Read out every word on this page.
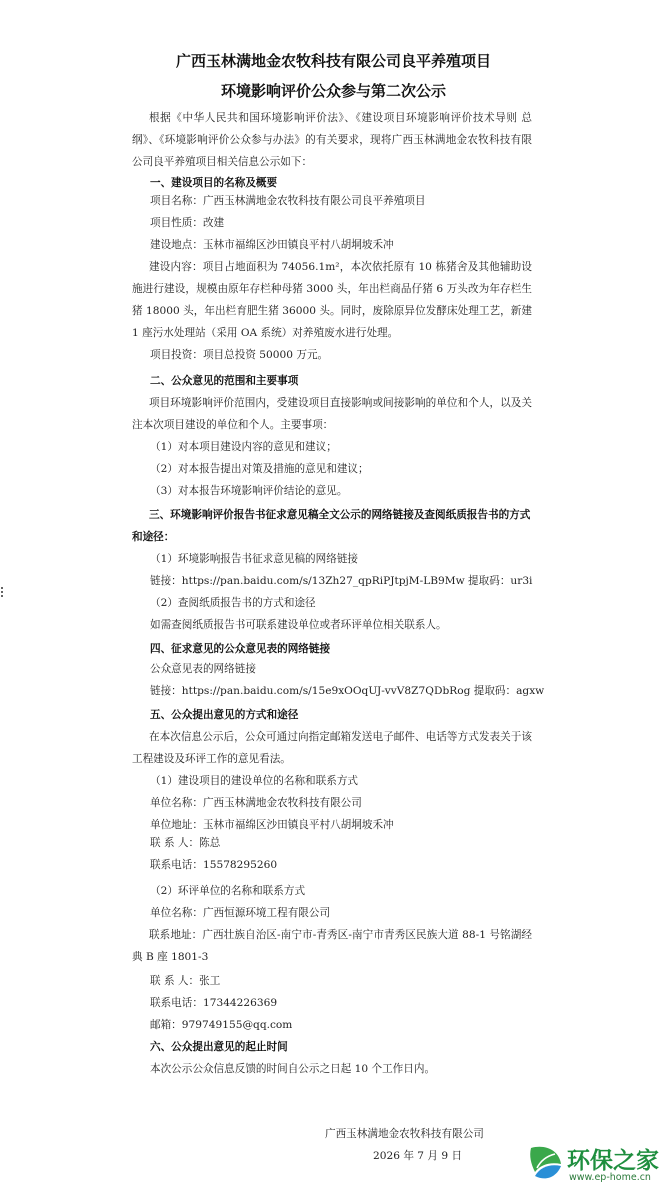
广西玉林满地金农牧科技有限公司良平养殖项目
环境影响评价公众参与第二次公示
根据《中华人民共和国环境影响评价法》、《建设项目环境影响评价技术导则 总纲》、《环境影响评价公众参与办法》的有关要求，现将广西玉林满地金农牧科技有限公司良平养殖项目相关信息公示如下：
一、建设项目的名称及概要
项目名称：广西玉林满地金农牧科技有限公司良平养殖项目
项目性质：改建
建设地点：玉林市福绵区沙田镇良平村八胡垌坡禾冲
建设内容：项目占地面积为 74056.1m²，本次依托原有 10 栋猪舍及其他辅助设施进行建设，规模由原年存栏种母猪 3000 头，年出栏商品仔猪 6 万头改为年存栏生猪 18000 头，年出栏育肥生猪 36000 头。同时，废除原异位发酵床处理工艺，新建 1 座污水处理站（采用 OA 系统）对养殖废水进行处理。
项目投资：项目总投资 50000 万元。
二、公众意见的范围和主要事项
项目环境影响评价范围内，受建设项目直接影响或间接影响的单位和个人，以及关注本次项目建设的单位和个人。主要事项：
（1）对本项目建设内容的意见和建议；
（2）对本报告提出对策及措施的意见和建议；
（3）对本报告环境影响评价结论的意见。
三、环境影响评价报告书征求意见稿全文公示的网络链接及查阅纸质报告书的方式和途径：
（1）环境影响报告书征求意见稿的网络链接
链接：https://pan.baidu.com/s/13Zh27_qpRiPJtpjM-LB9Mw 提取码：ur3i
（2）查阅纸质报告书的方式和途径
如需查阅纸质报告书可联系建设单位或者环评单位相关联系人。
四、征求意见的公众意见表的网络链接
公众意见表的网络链接
链接：https://pan.baidu.com/s/15e9xOOqUJ-vvV8Z7QDbRog 提取码：agxw
五、公众提出意见的方式和途径
在本次信息公示后，公众可通过向指定邮箱发送电子邮件、电话等方式发表关于该工程建设及环评工作的意见看法。
（1）建设项目的建设单位的名称和联系方式
单位名称：广西玉林满地金农牧科技有限公司
单位地址：玉林市福绵区沙田镇良平村八胡垌坡禾冲
联 系 人：陈总
联系电话：15578295260
（2）环评单位的名称和联系方式
单位名称：广西恒源环境工程有限公司
联系地址：广西壮族自治区-南宁市-青秀区-南宁市青秀区民族大道 88-1 号铭湖经典 B 座 1801-3
联 系 人：张工
联系电话：17344226369
邮箱：979749155@qq.com
六、公众提出意见的起止时间
本次公示公众信息反馈的时间自公示之日起 10 个工作日内。
广西玉林满地金农牧科技有限公司
2026 年 7 月 9 日	环保之家
www.ep-home.cn
